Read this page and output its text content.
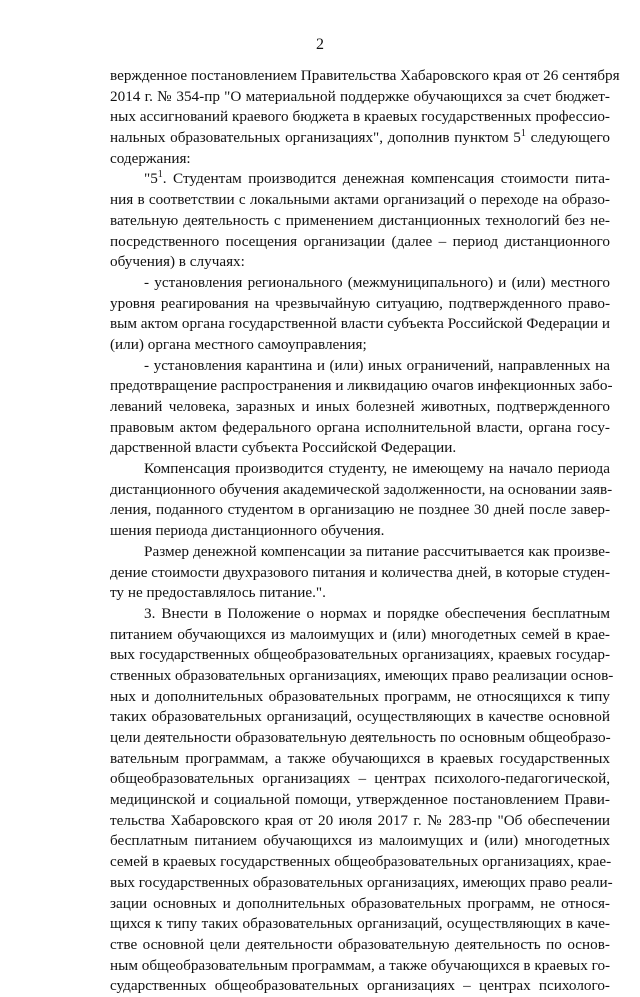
2
вержденное постановлением Правительства Хабаровского края от 26 сентября
2014 г. № 354-пр "О материальной поддержке обучающихся за счет бюджет-
ных ассигнований краевого бюджета в краевых государственных профессио-
нальных образовательных организациях", дополнив пунктом $5^1$ следующего
содержания:
"$5^1$. Студентам производится денежная компенсация стоимости пита-
ния в соответствии с локальными актами организаций о переходе на образо-
вательную деятельность с применением дистанционных технологий без не-
посредственного посещения организации (далее – период дистанционного
обучения) в случаях:
- установления регионального (межмуниципального) и (или) местного
уровня реагирования на чрезвычайную ситуацию, подтвержденного право-
вым актом органа государственной власти субъекта Российской Федерации и
(или) органа местного самоуправления;
- установления карантина и (или) иных ограничений, направленных на
предотвращение распространения и ликвидацию очагов инфекционных забо-
леваний человека, заразных и иных болезней животных, подтвержденного
правовым актом федерального органа исполнительной власти, органа госу-
дарственной власти субъекта Российской Федерации.
Компенсация производится студенту, не имеющему на начало периода
дистанционного обучения академической задолженности, на основании заяв-
ления, поданного студентом в организацию не позднее 30 дней после завер-
шения периода дистанционного обучения.
Размер денежной компенсации за питание рассчитывается как произве-
дение стоимости двухразового питания и количества дней, в которые студен-
ту не предоставлялось питание.".
3. Внести в Положение о нормах и порядке обеспечения бесплатным
питанием обучающихся из малоимущих и (или) многодетных семей в крае-
вых государственных общеобразовательных организациях, краевых государ-
ственных образовательных организациях, имеющих право реализации основ-
ных и дополнительных образовательных программ, не относящихся к типу
таких образовательных организаций, осуществляющих в качестве основной
цели деятельности образовательную деятельность по основным общеобразо-
вательным программам, а также обучающихся в краевых государственных
общеобразовательных организациях – центрах психолого-педагогической,
медицинской и социальной помощи, утвержденное постановлением Прави-
тельства Хабаровского края от 20 июля 2017 г. № 283-пр "Об обеспечении
бесплатным питанием обучающихся из малоимущих и (или) многодетных
семей в краевых государственных общеобразовательных организациях, крае-
вых государственных образовательных организациях, имеющих право реали-
зации основных и дополнительных образовательных программ, не относя-
щихся к типу таких образовательных организаций, осуществляющих в каче-
стве основной цели деятельности образовательную деятельность по основ-
ным общеобразовательным программам, а также обучающихся в краевых го-
сударственных общеобразовательных организациях – центрах психолого-
